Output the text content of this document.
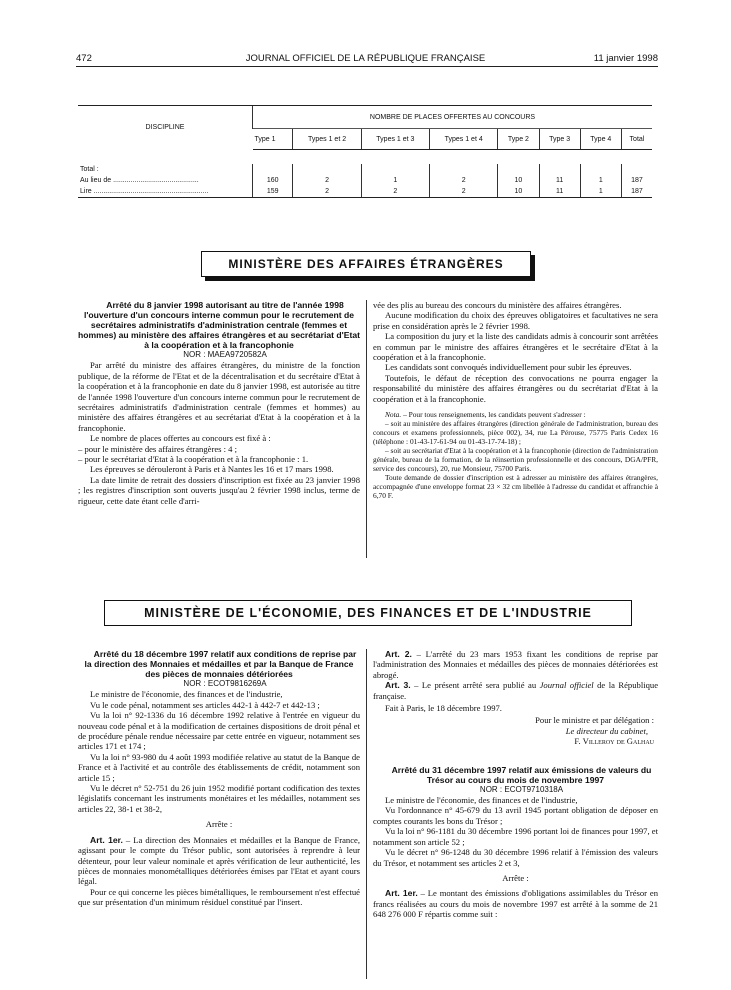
472	JOURNAL OFFICIEL DE LA RÉPUBLIQUE FRANÇAISE	11 janvier 1998
DISCIPLINE	NOMBRE DE PLACES OFFERTES AU CONCOURS							
	Type 1	Types 1 et 2	Types 1 et 3	Types 1 et 4	Type 2	Type 3	Type 4	Total

Total :								
Au lieu de ............................................	160	2	1	2	10	11	1	187
Lire ...........................................................	159	2	2	2	10	11	1	187
MINISTÈRE DES AFFAIRES ÉTRANGÈRES

Arrêté du 8 janvier 1998 autorisant au titre de l'année 1998 l'ouverture d'un concours interne commun pour le recrutement de secrétaires administratifs d'administration centrale (femmes et hommes) au ministère des affaires étrangères et au secrétariat d'Etat à la coopération et à la francophonie

NOR : MAEA9720582A

Par arrêté du ministre des affaires étrangères, du ministre de la fonction publique, de la réforme de l'Etat et de la décentralisation et du secrétaire d'Etat à la coopération et à la francophonie en date du 8 janvier 1998, est autorisée au titre de l'année 1998 l'ouverture d'un concours interne commun pour le recrutement de secrétaires administratifs d'administration centrale (femmes et hommes) au ministère des affaires étrangères et au secrétariat d'Etat à la coopération et à la francophonie.

Le nombre de places offertes au concours est fixé à :

– pour le ministère des affaires étrangères : 4 ;

– pour le secrétariat d'Etat à la coopération et à la francophonie : 1.

Les épreuves se dérouleront à Paris et à Nantes les 16 et 17 mars 1998.

La date limite de retrait des dossiers d'inscription est fixée au 23 janvier 1998 ; les registres d'inscription sont ouverts jusqu'au 2 février 1998 inclus, terme de rigueur, cette date étant celle d'arri-

vée des plis au bureau des concours du ministère des affaires étrangères.

Aucune modification du choix des épreuves obligatoires et facultatives ne sera prise en considération après le 2 février 1998.

La composition du jury et la liste des candidats admis à concourir sont arrêtées en commun par le ministre des affaires étrangères et le secrétaire d'Etat à la coopération et à la francophonie.

Les candidats sont convoqués individuellement pour subir les épreuves.

Toutefois, le défaut de réception des convocations ne pourra engager la responsabilité du ministère des affaires étrangères ou du secrétariat d'Etat à la coopération et à la francophonie.

Nota. – Pour tous renseignements, les candidats peuvent s'adresser :

– soit au ministère des affaires étrangères (direction générale de l'administration, bureau des concours et examens professionnels, pièce 002), 34, rue La Pérouse, 75775 Paris Cedex 16 (téléphone : 01-43-17-61-94 ou 01-43-17-74-18) ;

– soit au secrétariat d'Etat à la coopération et à la francophonie (direction de l'administration générale, bureau de la formation, de la réinsertion professionnelle et des concours, DGA/PFR, service des concours), 20, rue Monsieur, 75700 Paris.

Toute demande de dossier d'inscription est à adresser au ministère des affaires étrangères, accompagnée d'une enveloppe format 23 × 32 cm libellée à l'adresse du candidat et affranchie à 6,70 F.

MINISTÈRE DE L'ÉCONOMIE, DES FINANCES ET DE L'INDUSTRIE

Arrêté du 18 décembre 1997 relatif aux conditions de reprise par la direction des Monnaies et médailles et par la Banque de France des pièces de monnaies détériorées

NOR : ECOT9816269A

Le ministre de l'économie, des finances et de l'industrie,

Vu le code pénal, notamment ses articles 442-1 à 442-7 et 442-13 ;

Vu la loi n° 92-1336 du 16 décembre 1992 relative à l'entrée en vigueur du nouveau code pénal et à la modification de certaines dispositions de droit pénal et de procédure pénale rendue nécessaire par cette entrée en vigueur, notamment ses articles 171 et 174 ;

Vu la loi n° 93-980 du 4 août 1993 modifiée relative au statut de la Banque de France et à l'activité et au contrôle des établissements de crédit, notamment son article 15 ;

Vu le décret n° 52-751 du 26 juin 1952 modifié portant codification des textes législatifs concernant les instruments monétaires et les médailles, notamment ses articles 22, 38-1 et 38-2,

Arrête :

Art. 1er. – La direction des Monnaies et médailles et la Banque de France, agissant pour le compte du Trésor public, sont autorisées à reprendre à leur détenteur, pour leur valeur nominale et après vérification de leur authenticité, les pièces de monnaies monométalliques détériorées émises par l'Etat et ayant cours légal.

Pour ce qui concerne les pièces bimétalliques, le remboursement n'est effectué que sur présentation d'un minimum résiduel constitué par l'insert.

Art. 2. – L'arrêté du 23 mars 1953 fixant les conditions de reprise par l'administration des Monnaies et médailles des pièces de monnaies détériorées est abrogé.

Art. 3. – Le présent arrêté sera publié au Journal officiel de la République française.

Fait à Paris, le 18 décembre 1997.

Pour le ministre et par délégation :

Le directeur du cabinet,

F. Villeroy de Galhau

Arrêté du 31 décembre 1997 relatif aux émissions de valeurs du Trésor au cours du mois de novembre 1997

NOR : ECOT9710318A

Le ministre de l'économie, des finances et de l'industrie,

Vu l'ordonnance n° 45-679 du 13 avril 1945 portant obligation de déposer en comptes courants les bons du Trésor ;

Vu la loi n° 96-1181 du 30 décembre 1996 portant loi de finances pour 1997, et notamment son article 52 ;

Vu le décret n° 96-1248 du 30 décembre 1996 relatif à l'émission des valeurs du Trésor, et notamment ses articles 2 et 3,

Arrête :

Art. 1er. – Le montant des émissions d'obligations assimilables du Trésor en francs réalisées au cours du mois de novembre 1997 est arrêté à la somme de 21 648 276 000 F répartis comme suit :
